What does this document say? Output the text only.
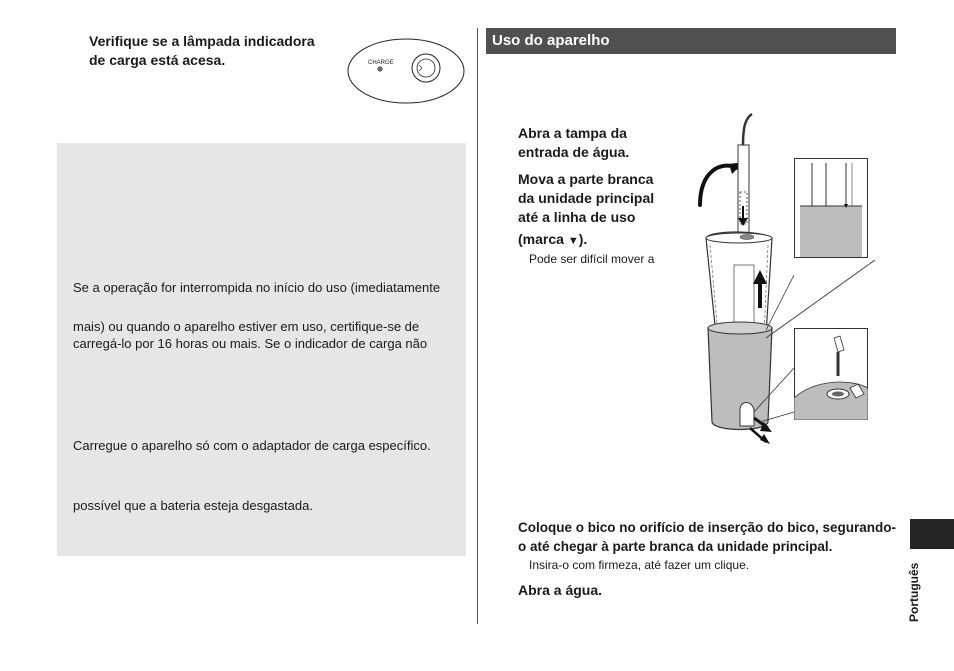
Verifique se a lâmpada indicadora
de carga está acesa.	CHARGE
Se a operação for interrompida no início do uso (imediatamente
mais) ou quando o aparelho estiver em uso, certifique-se de
carregá-lo por 16 horas ou mais. Se o indicador de carga não
Carregue o aparelho só com o adaptador de carga específico.
possível que a bateria esteja desgastada.
Uso do aparelho
Abra a tampa da
entrada de água.
Mova a parte branca
da unidade principal
até a linha de uso
(marca ▼).
Pode ser difícil mover a
Coloque o bico no orifício de inserção do bico, segurando-
o até chegar à parte branca da unidade principal.
Insira-o com firmeza, até fazer um clique.
Abra a água.	Português
